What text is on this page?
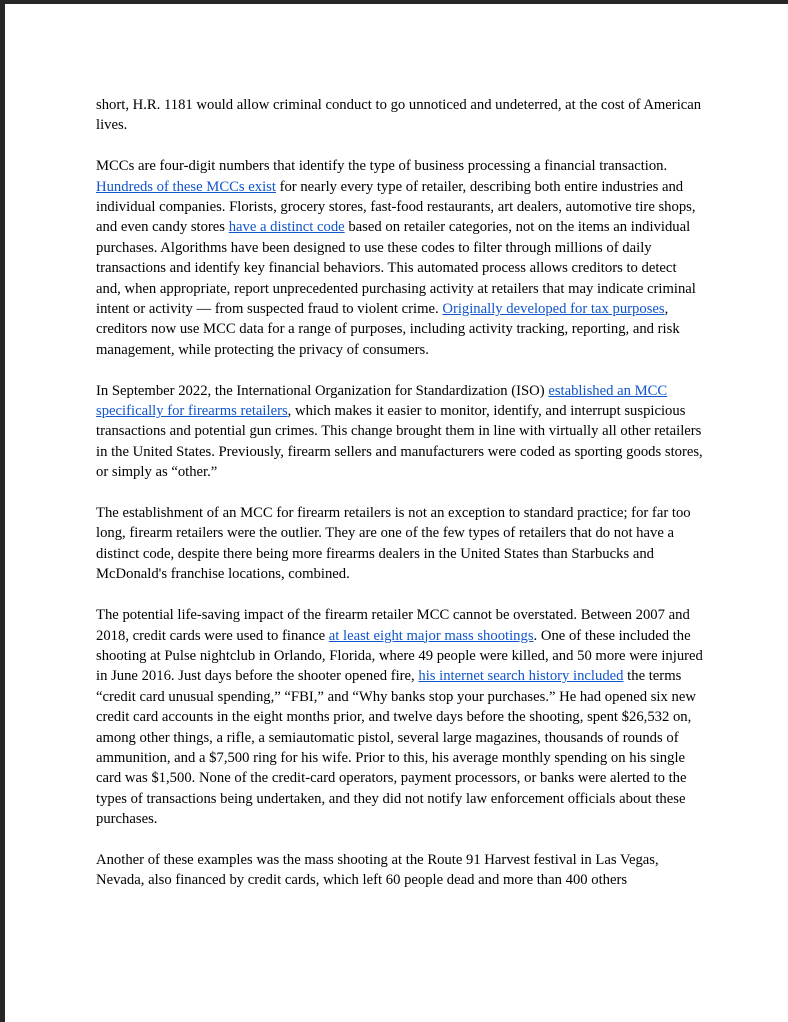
short, H.R. 1181 would allow criminal conduct to go unnoticed and undeterred, at the cost of American lives.

MCCs are four-digit numbers that identify the type of business processing a financial transaction. Hundreds of these MCCs exist for nearly every type of retailer, describing both entire industries and individual companies. Florists, grocery stores, fast-food restaurants, art dealers, automotive tire shops, and even candy stores have a distinct code based on retailer categories, not on the items an individual purchases. Algorithms have been designed to use these codes to filter through millions of daily transactions and identify key financial behaviors. This automated process allows creditors to detect and, when appropriate, report unprecedented purchasing activity at retailers that may indicate criminal intent or activity — from suspected fraud to violent crime. Originally developed for tax purposes, creditors now use MCC data for a range of purposes, including activity tracking, reporting, and risk management, while protecting the privacy of consumers.

In September 2022, the International Organization for Standardization (ISO) established an MCC specifically for firearms retailers, which makes it easier to monitor, identify, and interrupt suspicious transactions and potential gun crimes. This change brought them in line with virtually all other retailers in the United States. Previously, firearm sellers and manufacturers were coded as sporting goods stores, or simply as “other.”

The establishment of an MCC for firearm retailers is not an exception to standard practice; for far too long, firearm retailers were the outlier. They are one of the few types of retailers that do not have a distinct code, despite there being more firearms dealers in the United States than Starbucks and McDonald's franchise locations, combined.

The potential life-saving impact of the firearm retailer MCC cannot be overstated. Between 2007 and 2018, credit cards were used to finance at least eight major mass shootings. One of these included the shooting at Pulse nightclub in Orlando, Florida, where 49 people were killed, and 50 more were injured in June 2016. Just days before the shooter opened fire, his internet search history included the terms “credit card unusual spending,” “FBI,” and “Why banks stop your purchases.” He had opened six new credit card accounts in the eight months prior, and twelve days before the shooting, spent $26,532 on, among other things, a rifle, a semiautomatic pistol, several large magazines, thousands of rounds of ammunition, and a $7,500 ring for his wife. Prior to this, his average monthly spending on his single card was $1,500. None of the credit-card operators, payment processors, or banks were alerted to the types of transactions being undertaken, and they did not notify law enforcement officials about these purchases.

Another of these examples was the mass shooting at the Route 91 Harvest festival in Las Vegas, Nevada, also financed by credit cards, which left 60 people dead and more than 400 others
